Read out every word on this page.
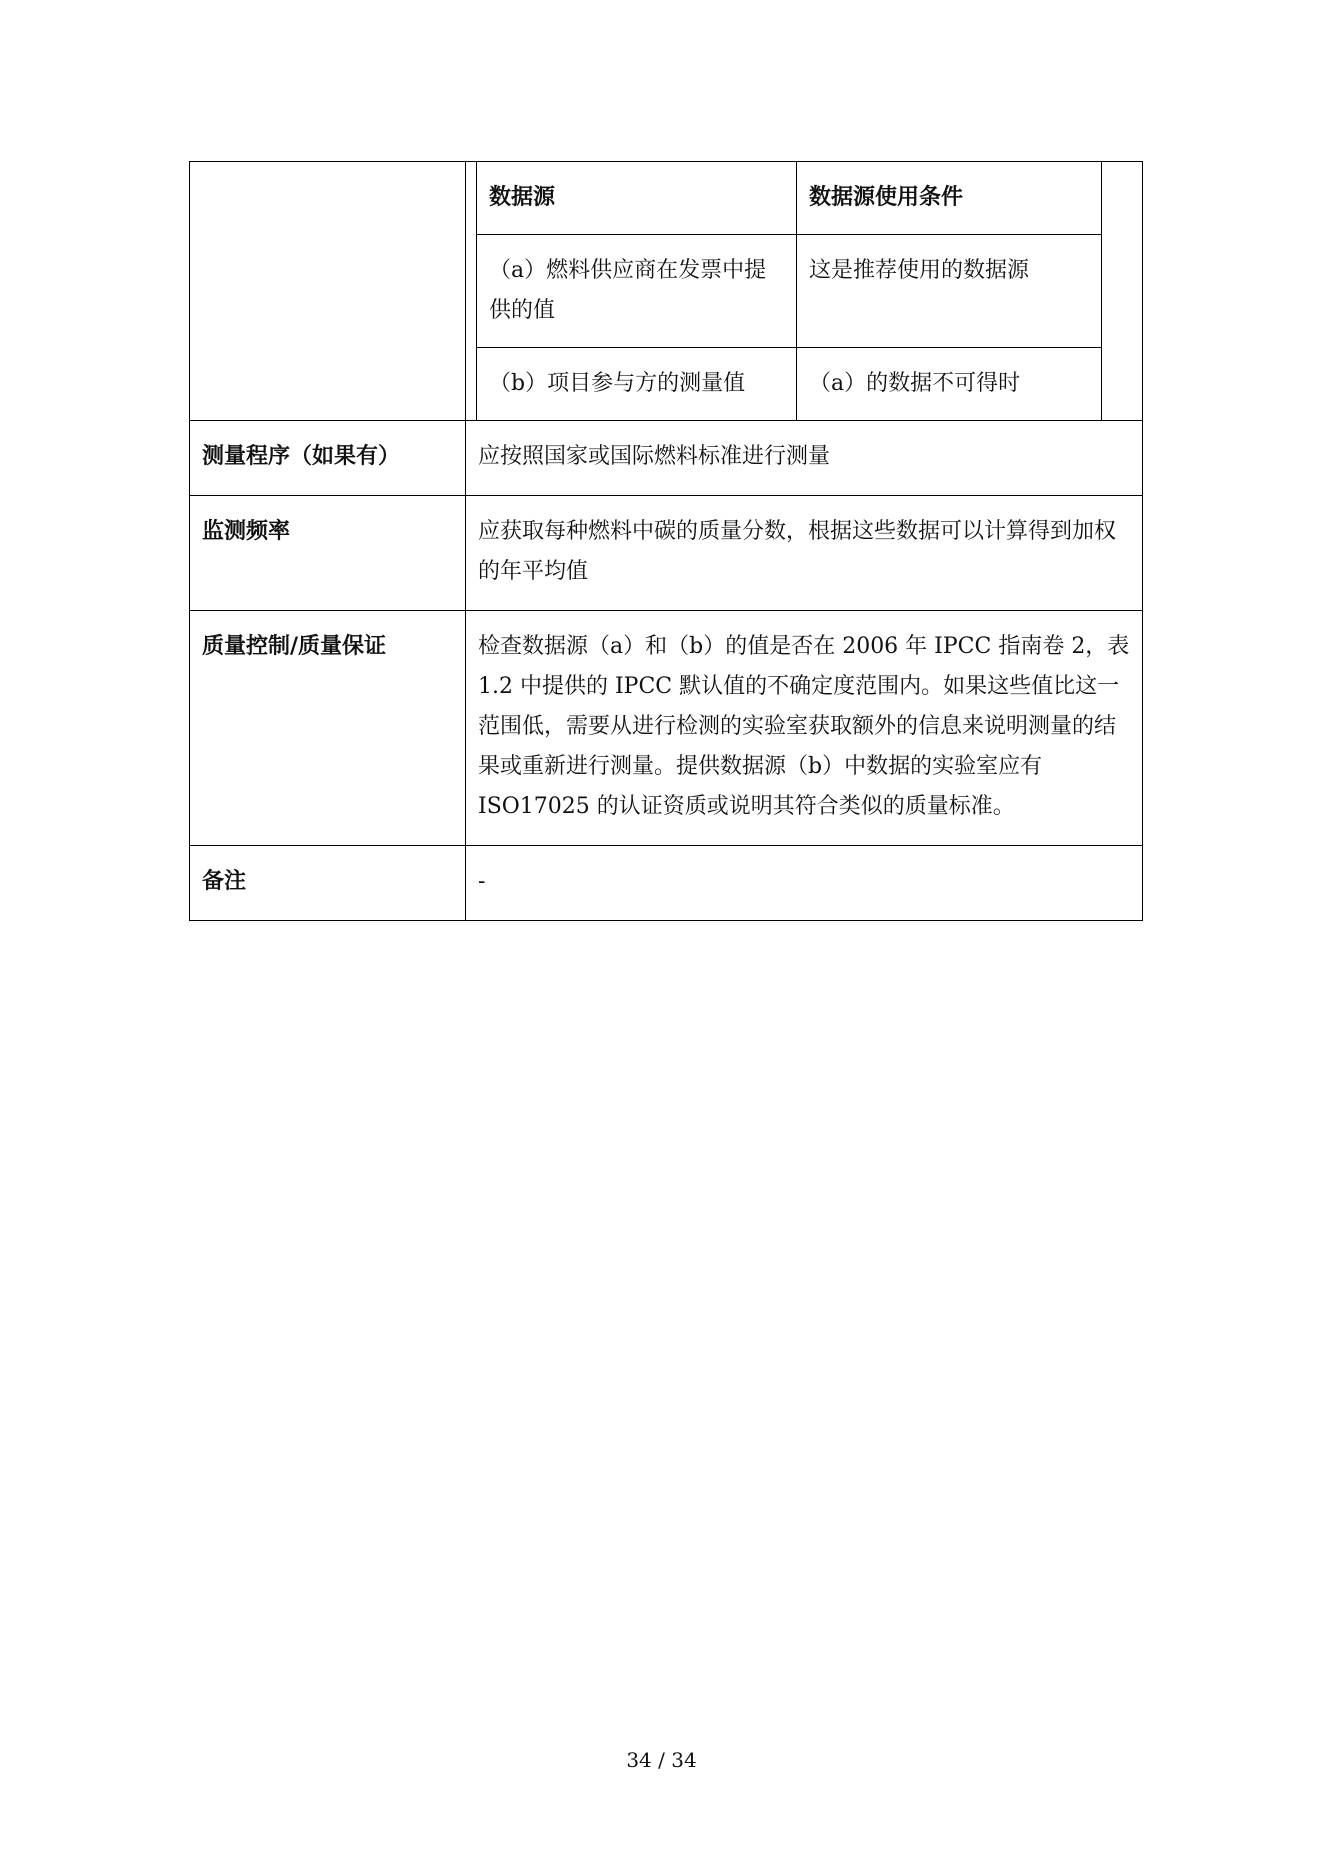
数据源	数据源使用条件
（a）燃料供应商在发票中提供的值	这是推荐使用的数据源
（b）项目参与方的测量值	（a）的数据不可得时

测量程序（如果有）	应按照国家或国际燃料标准进行测量
监测频率	应获取每种燃料中碳的质量分数，根据这些数据可以计算得到加权的年平均值
质量控制/质量保证	检查数据源（a）和（b）的值是否在 2006 年 IPCC 指南卷 2，表 1.2 中提供的 IPCC 默认值的不确定度范围内。如果这些值比这一范围低，需要从进行检测的实验室获取额外的信息来说明测量的结果或重新进行测量。提供数据源（b）中数据的实验室应有 ISO17025 的认证资质或说明其符合类似的质量标准。
备注	-
34 / 34
